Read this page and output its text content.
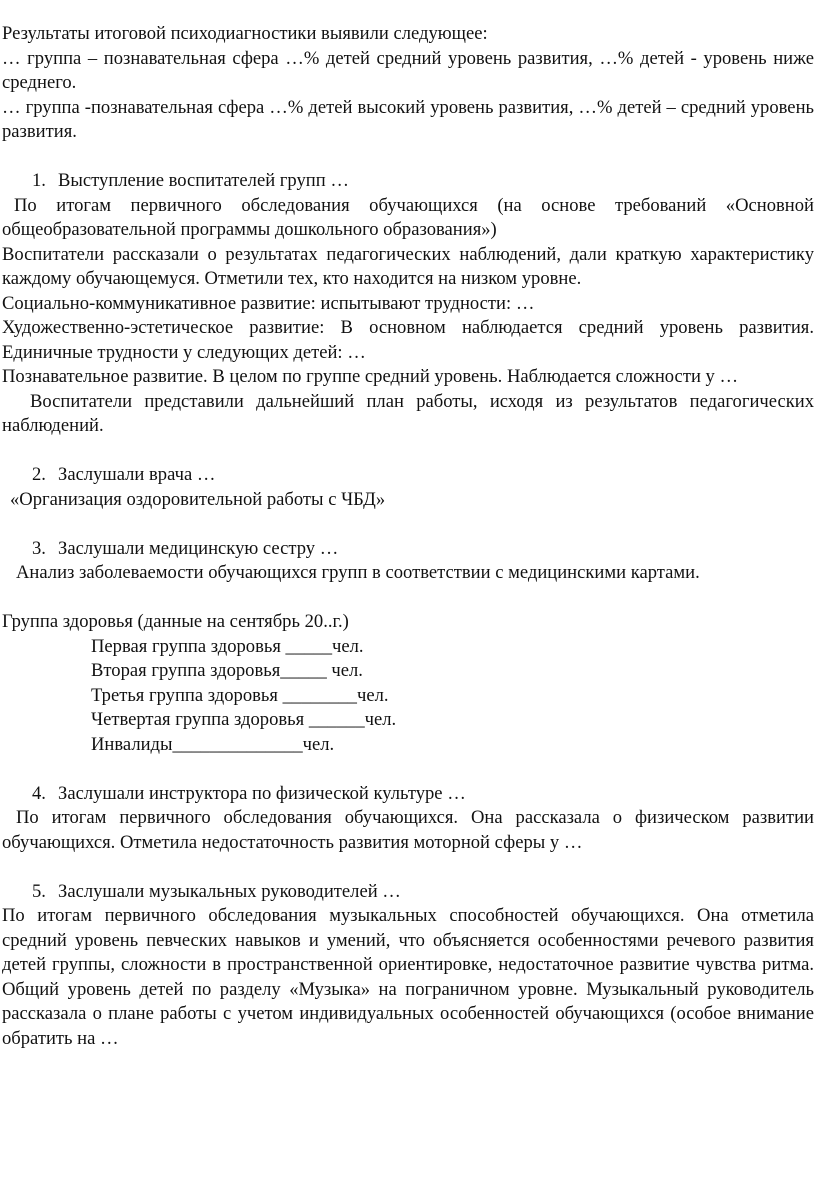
Результаты итоговой психодиагностики выявили следующее:

… группа – познавательная сфера …% детей средний уровень развития, …% детей - уровень ниже среднего.

… группа -познавательная сфера …% детей высокий уровень развития, …% детей – средний уровень развития.

1. Выступление воспитателей групп …

По итогам первичного обследования обучающихся (на основе требований «Основной общеобразовательной программы дошкольного образования»)

Воспитатели рассказали о результатах педагогических наблюдений, дали краткую характеристику каждому обучающемуся. Отметили тех, кто находится на низком уровне.

Социально-коммуникативное развитие: испытывают трудности: …

Художественно-эстетическое развитие: В основном наблюдается средний уровень развития. Единичные трудности у следующих детей: …

Познавательное развитие. В целом по группе средний уровень. Наблюдается сложности у …

Воспитатели представили дальнейший план работы, исходя из результатов педагогических наблюдений.

2. Заслушали врача …

«Организация оздоровительной работы с ЧБД»

3. Заслушали медицинскую сестру …

Анализ заболеваемости обучающихся групп в соответствии с медицинскими картами.

Группа здоровья (данные на сентябрь 20..г.)

Первая группа здоровья _____чел.

Вторая группа здоровья_____ чел.

Третья группа здоровья ________чел.

Четвертая группа здоровья ______чел.

Инвалиды______________чел.

4. Заслушали инструктора по физической культуре …

По итогам первичного обследования обучающихся. Она рассказала о физическом развитии обучающихся. Отметила недостаточность развития моторной сферы у …

5. Заслушали музыкальных руководителей …

По итогам первичного обследования музыкальных способностей обучающихся. Она отметила средний уровень певческих навыков и умений, что объясняется особенностями речевого развития детей группы, сложности в пространственной ориентировке, недостаточное развитие чувства ритма. Общий уровень детей по разделу «Музыка» на пограничном уровне. Музыкальный руководитель рассказала о плане работы с учетом индивидуальных особенностей обучающихся (особое внимание обратить на …
